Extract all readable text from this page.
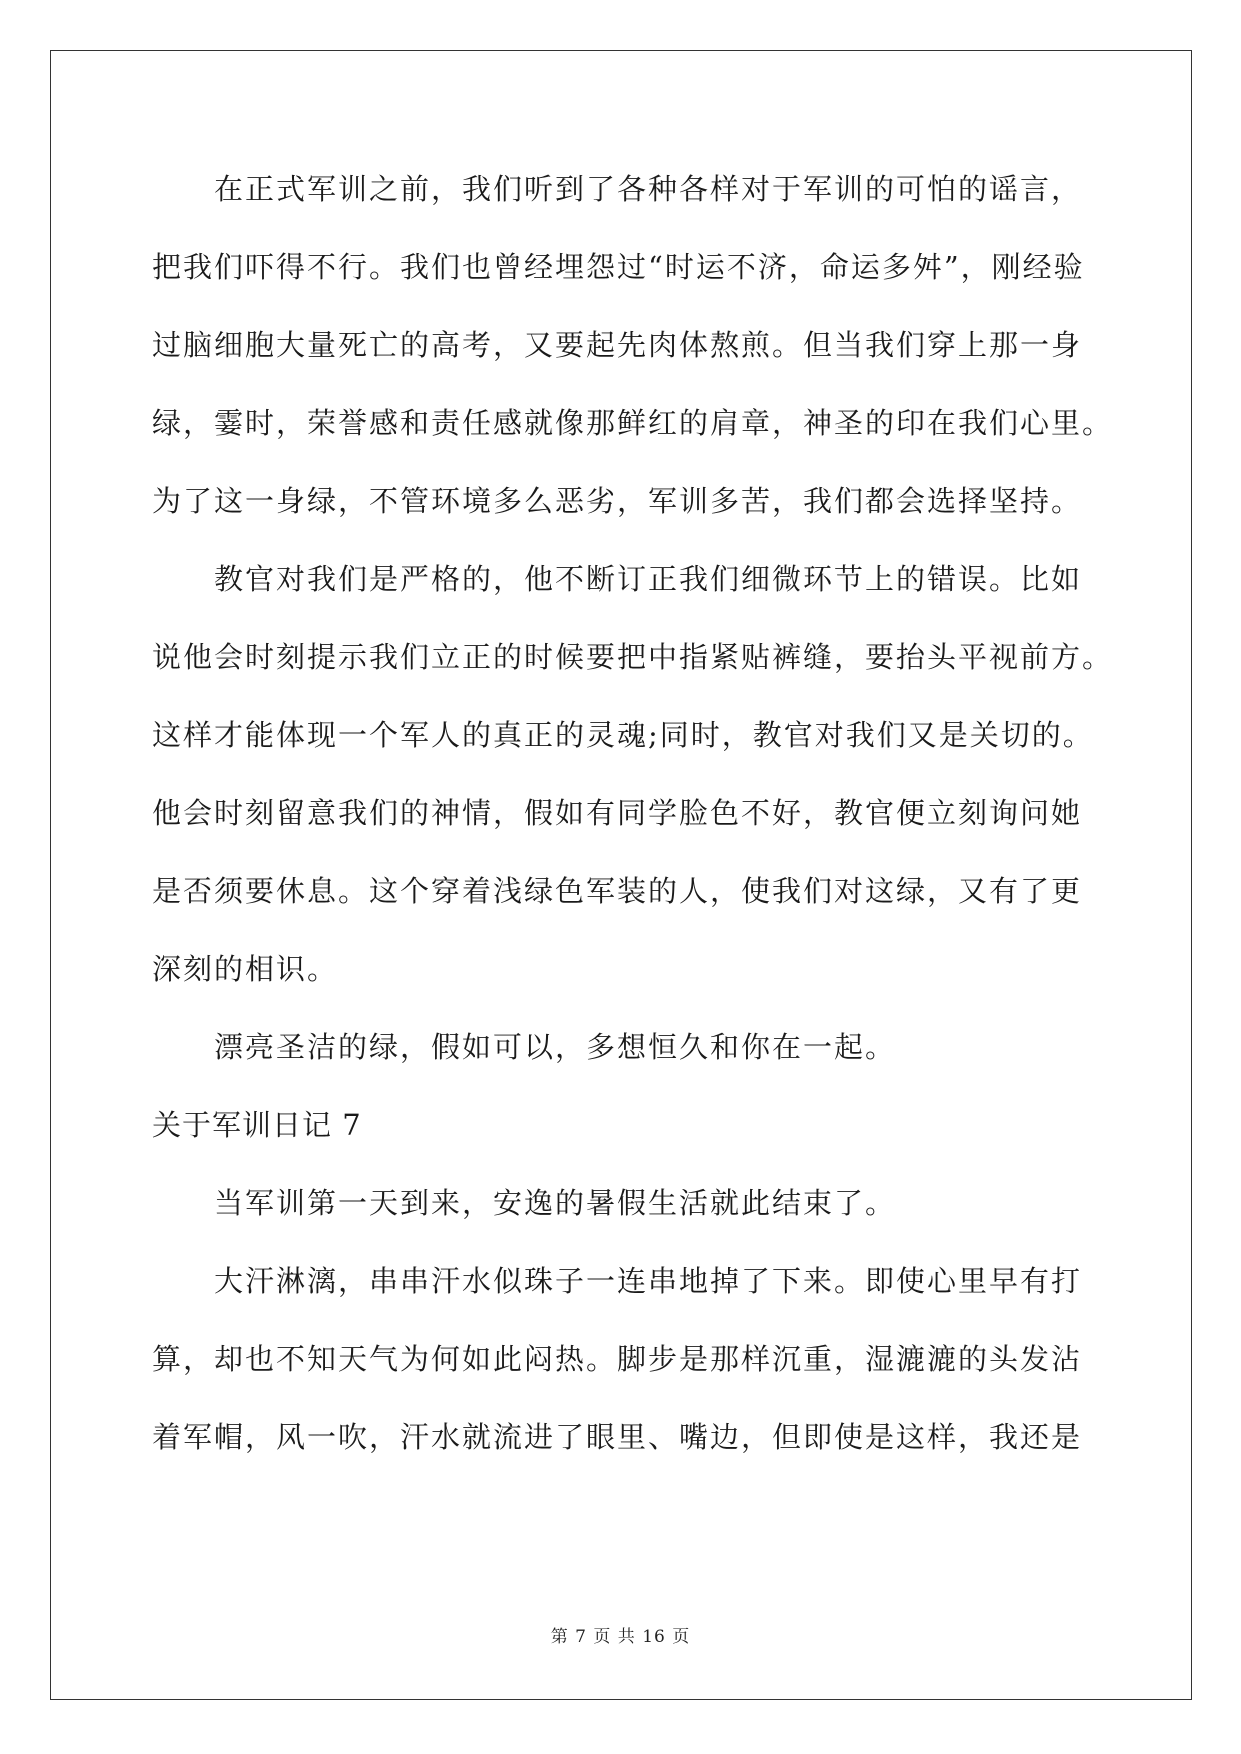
在正式军训之前，我们听到了各种各样对于军训的可怕的谣言，
把我们吓得不行。我们也曾经埋怨过“时运不济，命运多舛”，刚经验
过脑细胞大量死亡的高考，又要起先肉体熬煎。但当我们穿上那一身
绿，霎时，荣誉感和责任感就像那鲜红的肩章，神圣的印在我们心里。
为了这一身绿，不管环境多么恶劣，军训多苦，我们都会选择坚持。
教官对我们是严格的，他不断订正我们细微环节上的错误。比如
说他会时刻提示我们立正的时候要把中指紧贴裤缝，要抬头平视前方。
这样才能体现一个军人的真正的灵魂;同时，教官对我们又是关切的。
他会时刻留意我们的神情，假如有同学脸色不好，教官便立刻询问她
是否须要休息。这个穿着浅绿色军装的人，使我们对这绿，又有了更
深刻的相识。
漂亮圣洁的绿，假如可以，多想恒久和你在一起。
关于军训日记 7
当军训第一天到来，安逸的暑假生活就此结束了。
大汗淋漓，串串汗水似珠子一连串地掉了下来。即使心里早有打
算，却也不知天气为何如此闷热。脚步是那样沉重，湿漉漉的头发沾
着军帽，风一吹，汗水就流进了眼里、嘴边，但即使是这样，我还是
第 7 页 共 16 页
